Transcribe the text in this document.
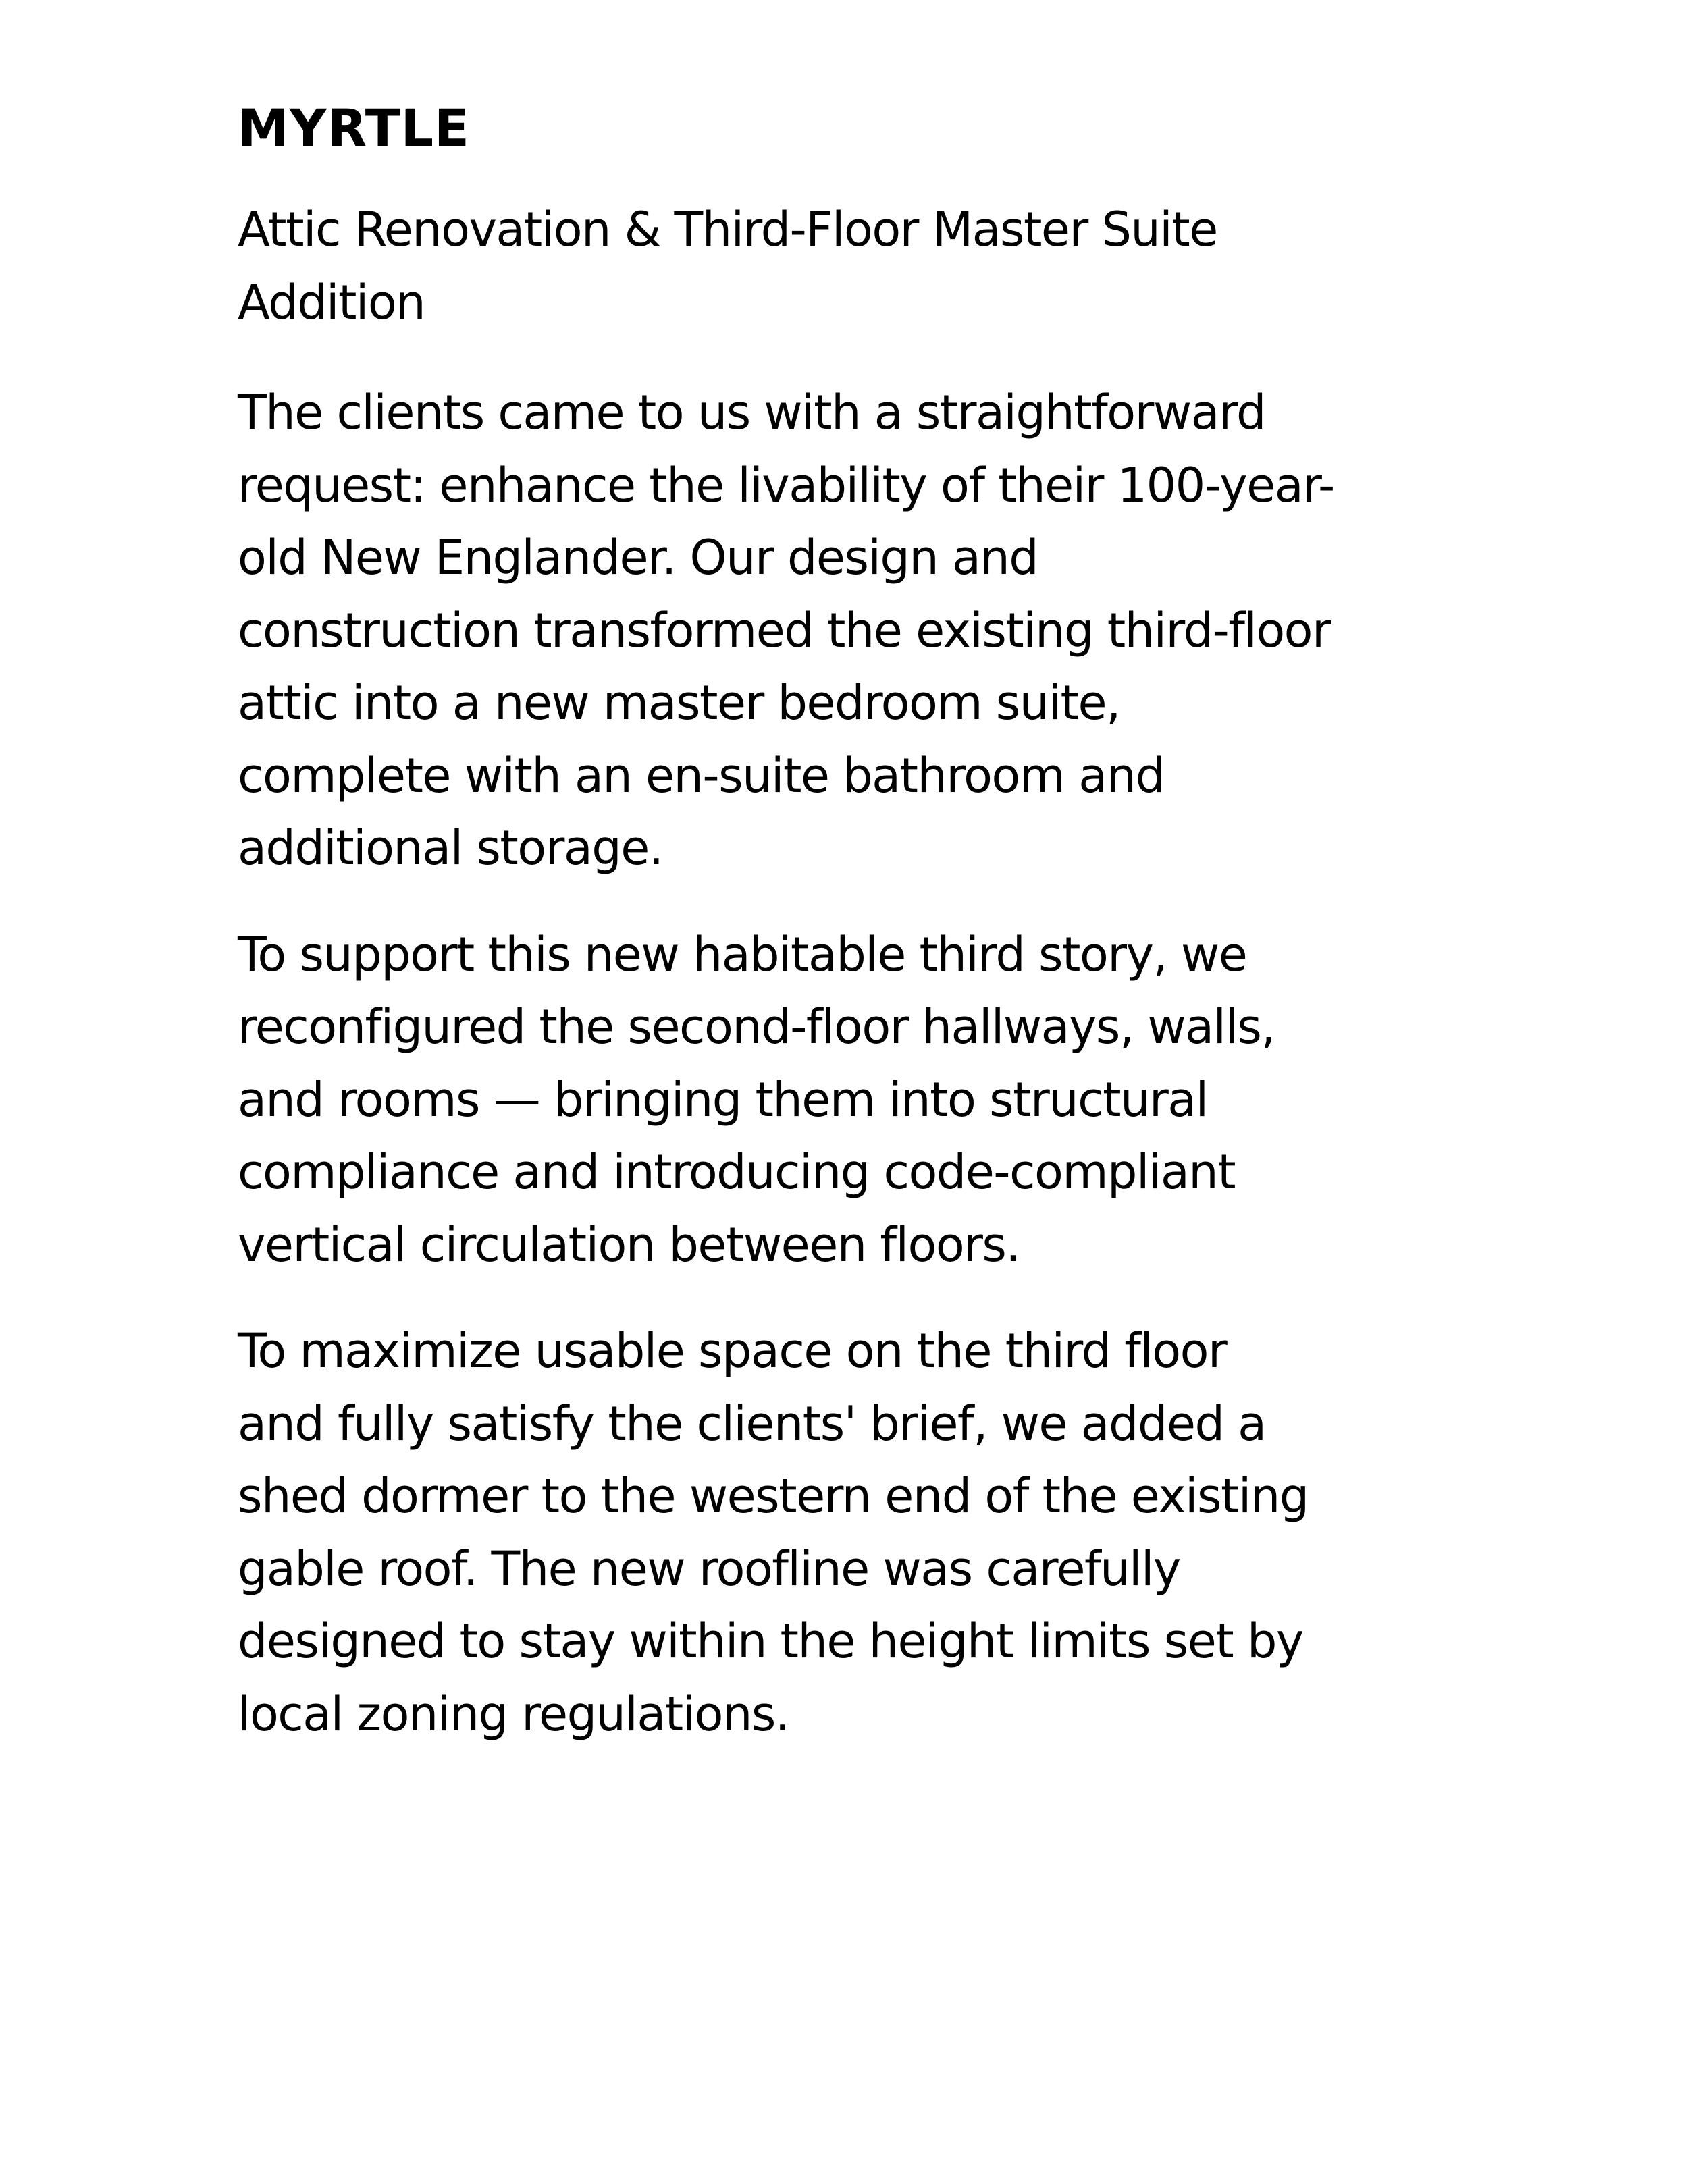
MYRTLE
Attic Renovation & Third-Floor Master Suite Addition

The clients came to us with a straightforward
request: enhance the livability of their 100-year-
old New Englander. Our design and
construction transformed the existing third-floor
attic into a new master bedroom suite,
complete with an en-suite bathroom and
additional storage.

To support this new habitable third story, we
reconfigured the second-floor hallways, walls,
and rooms — bringing them into structural
compliance and introducing code-compliant
vertical circulation between floors.

To maximize usable space on the third floor
and fully satisfy the clients' brief, we added a
shed dormer to the western end of the existing
gable roof. The new roofline was carefully
designed to stay within the height limits set by
local zoning regulations.
